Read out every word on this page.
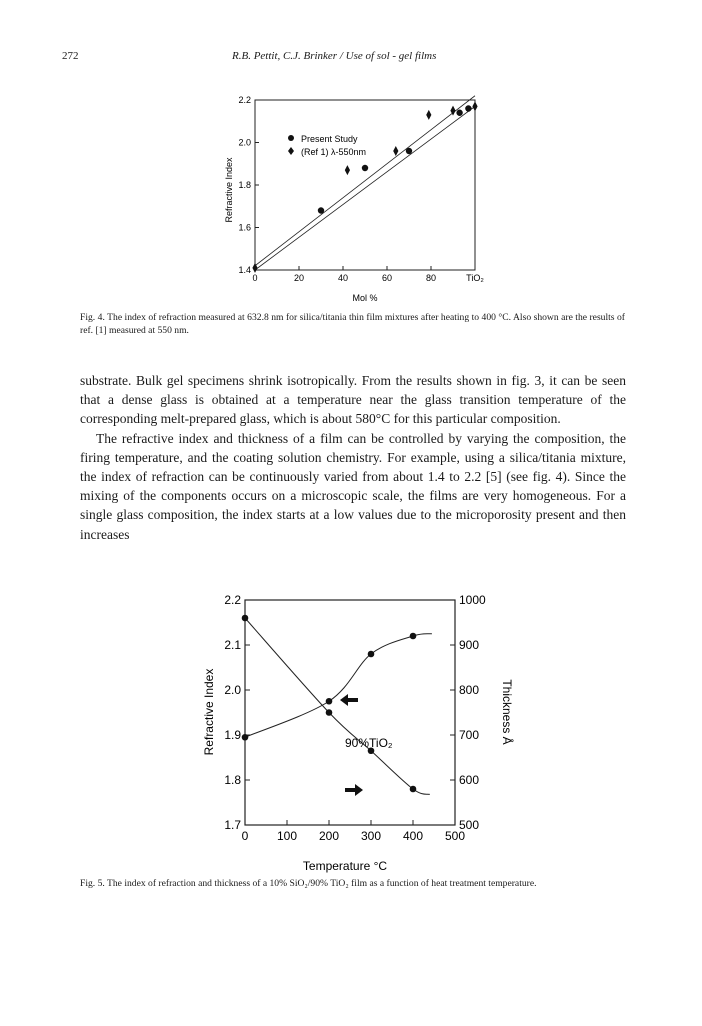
272	R.B. Pettit, C.J. Brinker / Use of sol - gel films
0	20	40	60	80	TiO₂
1.4
1.6
1.8
2.0
2.2
Present Study
(Ref 1) λ-550nm
Refractive Index
Mol %
Fig. 4. The index of refraction measured at 632.8 nm for silica/titania thin film mixtures after heating to 400 °C. Also shown are the results of ref. [1] measured at 550 nm.

substrate. Bulk gel specimens shrink isotropically. From the results shown in fig. 3, it can be seen that a dense glass is obtained at a temperature near the glass transition temperature of the corresponding melt-prepared glass, which is about 580°C for this particular composition.

The refractive index and thickness of a film can be controlled by varying the composition, the firing temperature, and the coating solution chemistry. For example, using a silica/titania mixture, the index of refraction can be continuously varied from about 1.4 to 2.2 [5] (see fig. 4). Since the mixing of the components occurs on a microscopic scale, the films are very homogeneous. For a single glass composition, the index starts at a low values due to the microporosity present and then increases

0 100 200 300 400 500
1.7
1.8
1.9
2.0
2.1
2.2
500
600
700
800
900
1000
90%TiO₂
Refractive Index	Thickness Å
Temperature °C
Fig. 5. The index of refraction and thickness of a 10% SiO₂/90% TiO₂ film as a function of heat treatment temperature.
